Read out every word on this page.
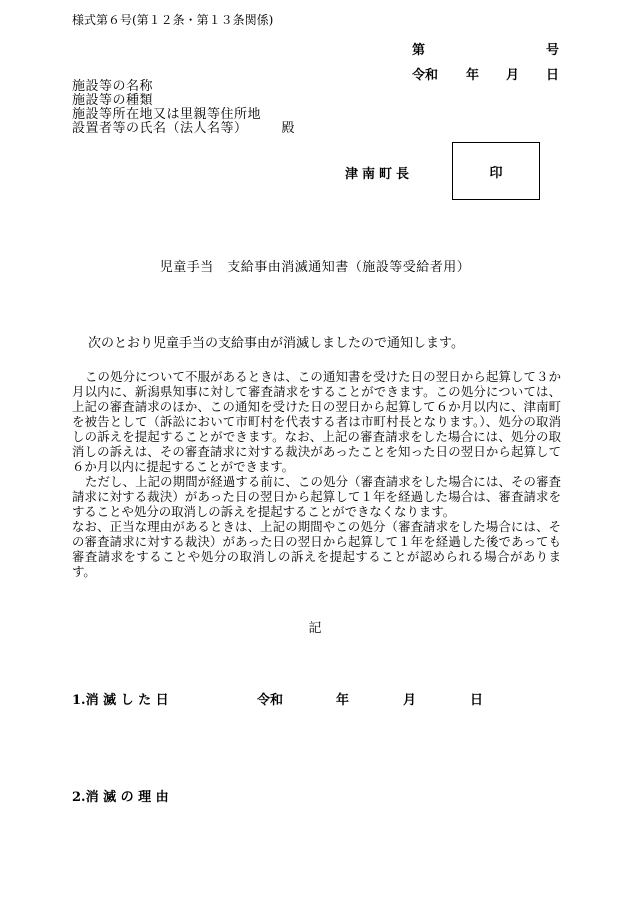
様式第６号(第１２条・第１３条関係)
第	号
令和 年 月 日
施設等の名称
施設等の種類
施設等所在地又は里親等住所地
設置者等の氏名（法人名等）　　　殿
津南町長	印
児童手当　支給事由消滅通知書（施設等受給者用）
次のとおり児童手当の支給事由が消滅しましたので通知します。

この処分について不服があるときは、この通知書を受けた日の翌日から起算して３か月以内に、新潟県知事に対して審査請求をすることができます。この処分については、上記の審査請求のほか、この通知を受けた日の翌日から起算して６か月以内に、津南町を被告として（訴訟において市町村を代表する者は市町村長となります。）、処分の取消しの訴えを提起することができます。なお、上記の審査請求をした場合には、処分の取消しの訴えは、その審査請求に対する裁決があったことを知った日の翌日から起算して６か月以内に提起することができます。

ただし、上記の期間が経過する前に、この処分（審査請求をした場合には、その審査請求に対する裁決）があった日の翌日から起算して１年を経過した場合は、審査請求をすることや処分の取消しの訴えを提起することができなくなります。

なお、正当な理由があるときは、上記の期間やこの処分（審査請求をした場合には、その審査請求に対する裁決）があった日の翌日から起算して１年を経過した後であっても審査請求をすることや処分の取消しの訴えを提起することが認められる場合があります。

記
1.消 滅 し た 日	令和	年	月	日
2.消 滅 の 理 由
